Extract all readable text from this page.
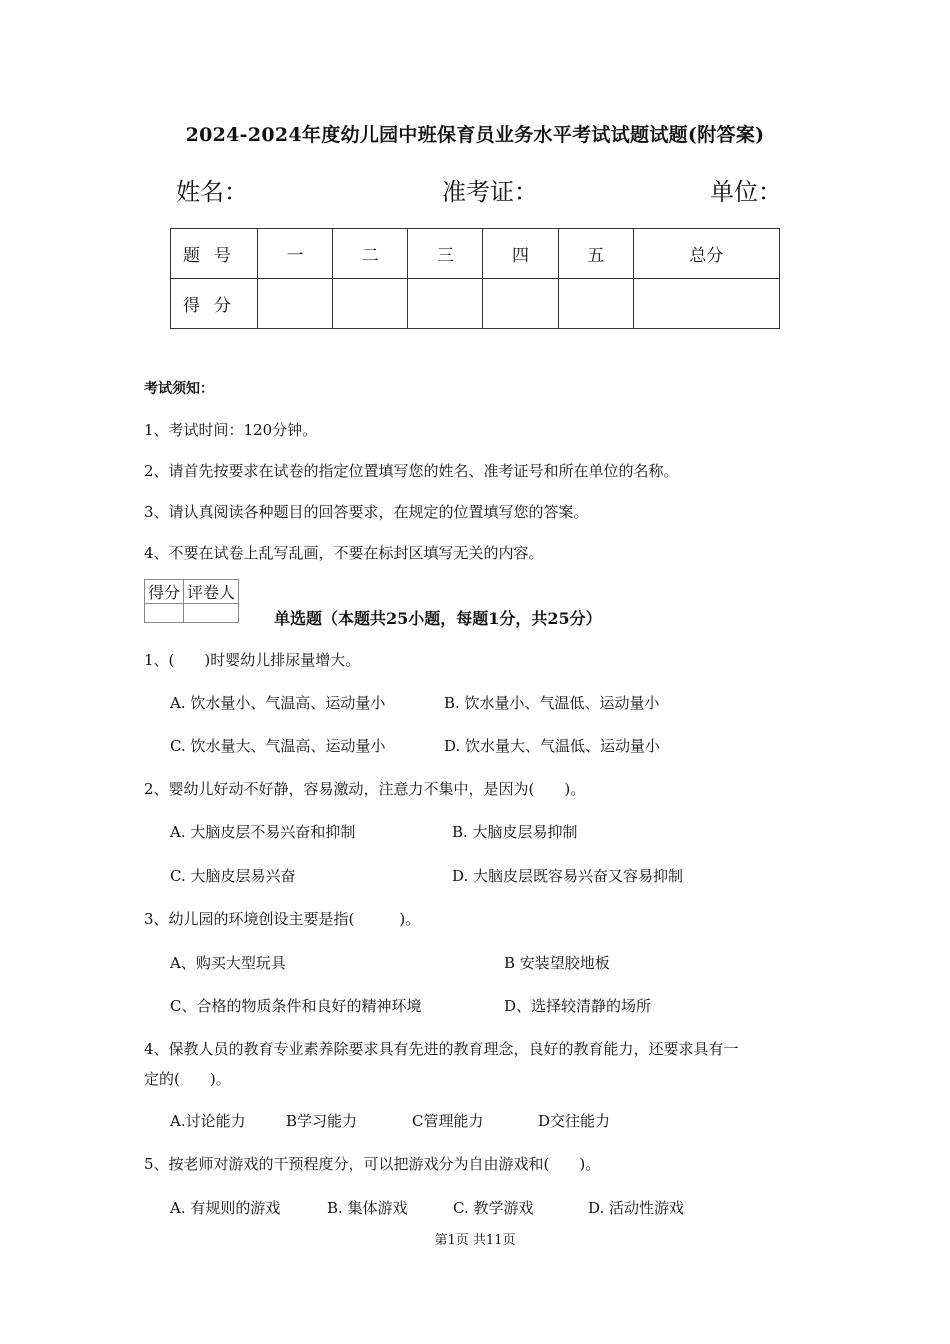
2024-2024年度幼儿园中班保育员业务水平考试试题试题(附答案)
姓名：	准考证：	单位：
题号	一	二	三	四	五	总分
得分						
考试须知：
1、考试时间：120分钟。
2、请首先按要求在试卷的指定位置填写您的姓名、准考证号和所在单位的名称。
3、请认真阅读各种题目的回答要求，在规定的位置填写您的答案。
4、不要在试卷上乱写乱画，不要在标封区填写无关的内容。
得分	评卷人

单选题（本题共25小题，每题1分，共25分）
1、(　　)时婴幼儿排尿量增大。
A. 饮水量小、气温高、运动量小	B. 饮水量小、气温低、运动量小
C. 饮水量大、气温高、运动量小	D. 饮水量大、气温低、运动量小
2、婴幼儿好动不好静，容易激动，注意力不集中，是因为(　　)。
A. 大脑皮层不易兴奋和抑制	B. 大脑皮层易抑制
C. 大脑皮层易兴奋	D. 大脑皮层既容易兴奋又容易抑制
3、幼儿园的环境创设主要是指(　　　)。
A、购买大型玩具	B 安装望胶地板
C、合格的物质条件和良好的精神环境	D、选择较清静的场所
4、保教人员的教育专业素养除要求具有先进的教育理念，良好的教育能力，还要求具有一
定的(　　)。
A.讨论能力	B学习能力	C管理能力	D交往能力
5、按老师对游戏的干预程度分，可以把游戏分为自由游戏和(　　)。
A. 有规则的游戏	B. 集体游戏	C. 教学游戏	D. 活动性游戏
第1页 共11页
